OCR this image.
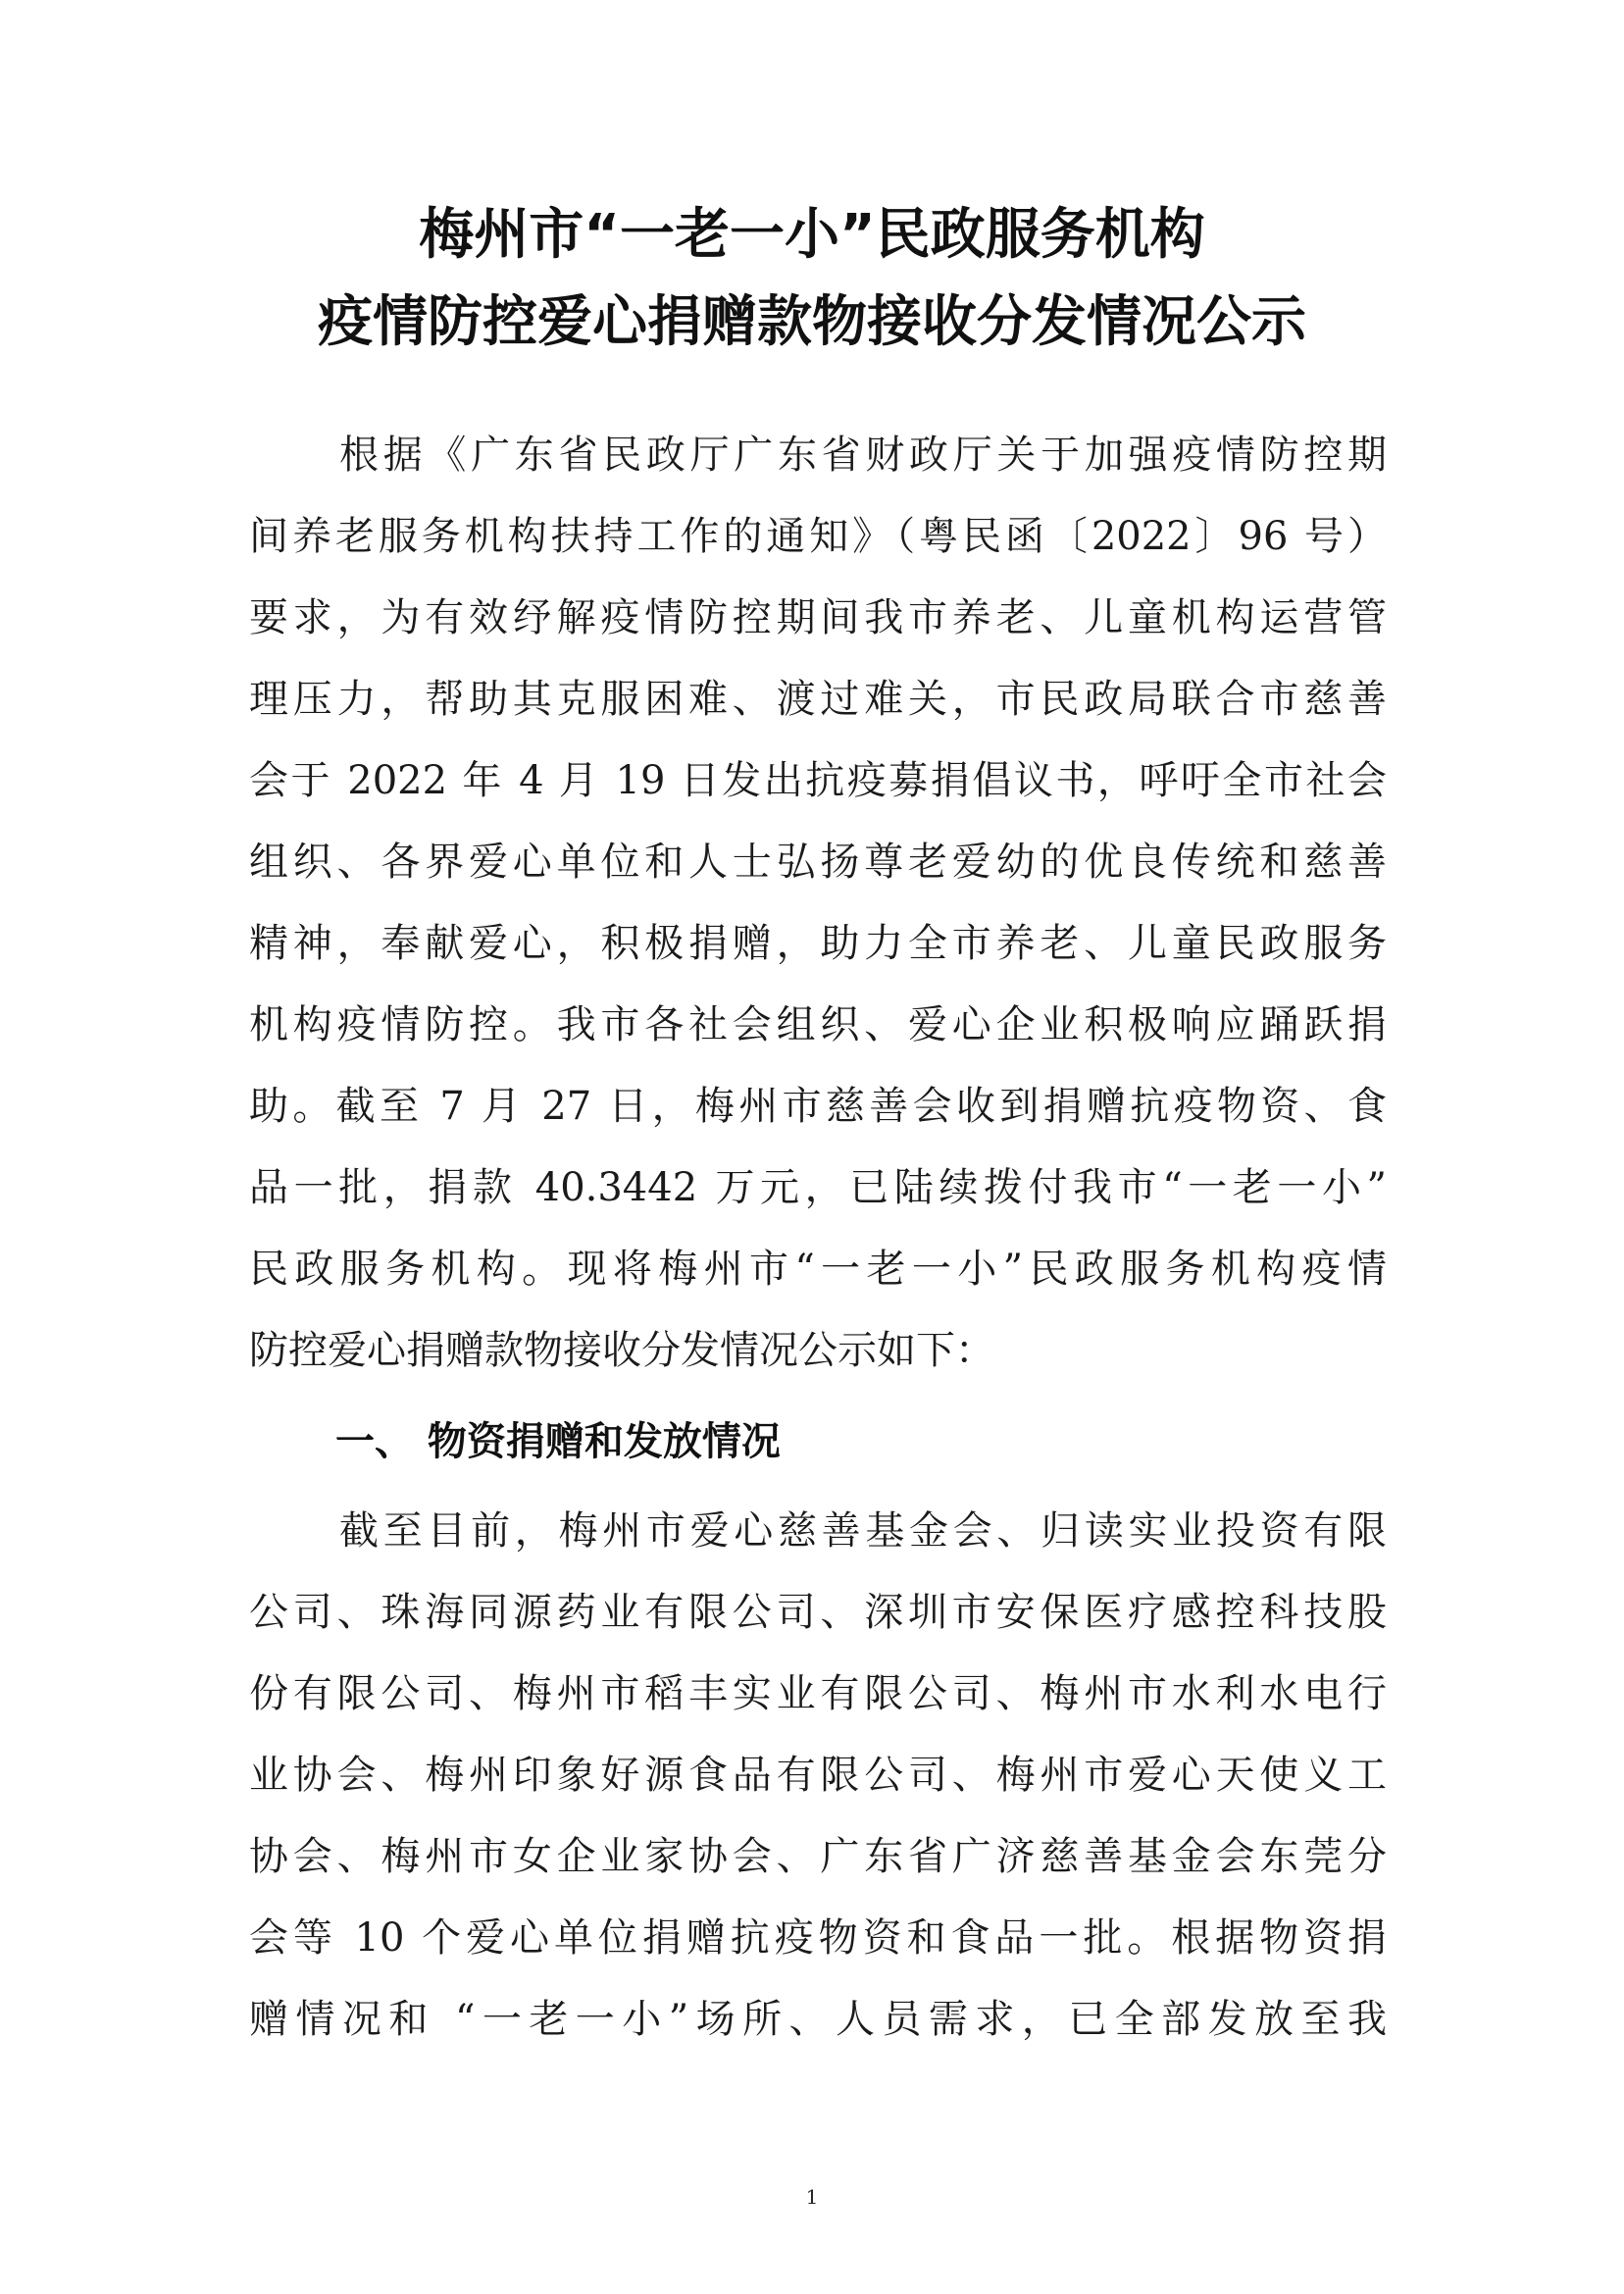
梅州市“一老一小”民政服务机构
疫情防控爱心捐赠款物接收分发情况公示
根据《广东省民政厅广东省财政厅关于加强疫情防控期
间养老服务机构扶持工作的通知》（粤民函〔2022〕96 号）
要求，为有效纾解疫情防控期间我市养老、儿童机构运营管
理压力，帮助其克服困难、渡过难关，市民政局联合市慈善
会于 2022 年 4 月 19 日发出抗疫募捐倡议书，呼吁全市社会
组织、各界爱心单位和人士弘扬尊老爱幼的优良传统和慈善
精神，奉献爱心，积极捐赠，助力全市养老、儿童民政服务
机构疫情防控。我市各社会组织、爱心企业积极响应踊跃捐
助。截至 7 月 27 日，梅州市慈善会收到捐赠抗疫物资、食
品一批，捐款 40.3442 万元，已陆续拨付我市“一老一小”
民政服务机构。现将梅州市“一老一小”民政服务机构疫情
防控爱心捐赠款物接收分发情况公示如下：
截至目前，梅州市爱心慈善基金会、归读实业投资有限
公司、珠海同源药业有限公司、深圳市安保医疗感控科技股
份有限公司、梅州市稻丰实业有限公司、梅州市水利水电行
业协会、梅州印象好源食品有限公司、梅州市爱心天使义工
协会、梅州市女企业家协会、广东省广济慈善基金会东莞分
会等 10 个爱心单位捐赠抗疫物资和食品一批。根据物资捐
赠情况和 “一老一小”场所、人员需求，已全部发放至我
一、 物资捐赠和发放情况
1
